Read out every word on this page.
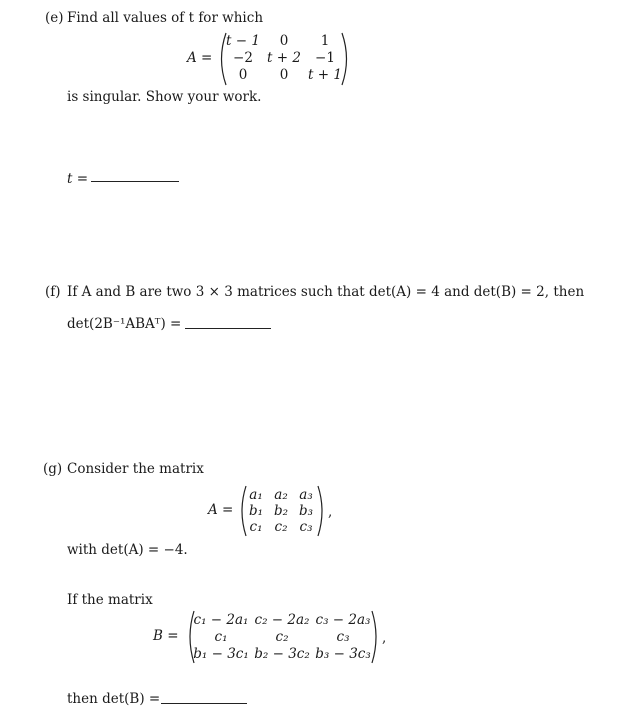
(e) Find all values of t for which
A =
t − 1 0 1
−2 t + 2 −1
0 0 t + 1
is singular. Show your work.
t =
(f) If A and B are two 3 × 3 matrices such that det(A) = 4 and det(B) = 2, then
det(2B⁻¹ABAᵀ) =
(g) Consider the matrix
A =
a₁ a₂ a₃
b₁ b₂ b₃
c₁ c₂ c₃
,
with det(A) = −4.
If the matrix
B =
c₁ − 2a₁ c₂ − 2a₂ c₃ − 2a₃
c₁	c₂	c₃
b₁ − 3c₁ b₂ − 3c₂ b₃ − 3c₃
,
then det(B) =
